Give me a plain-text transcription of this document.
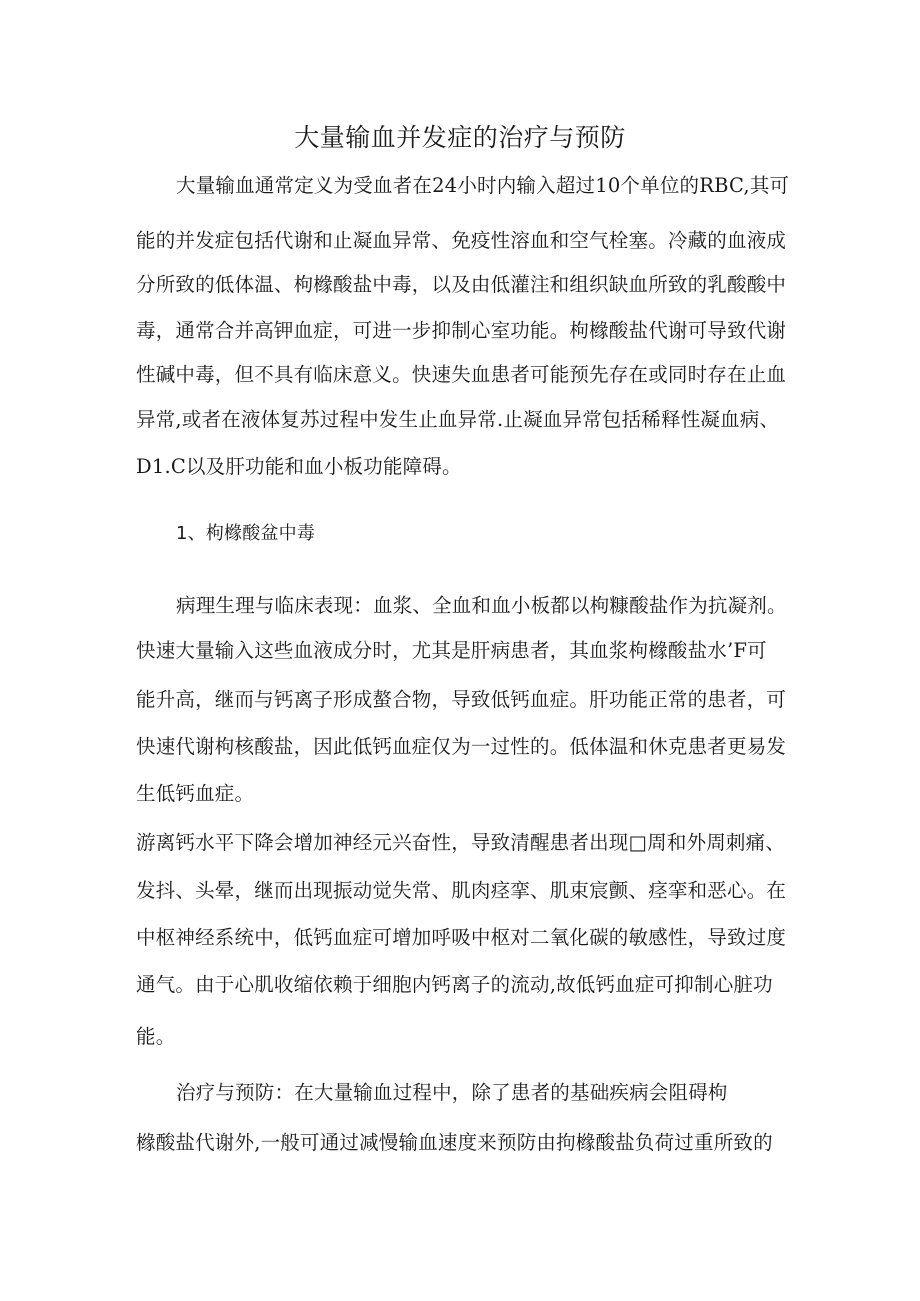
大量输血并发症的治疗与预防
大量输血通常定义为受血者在24小时内输入超过10个单位的RBC,其可
能的并发症包括代谢和止凝血异常、免疫性溶血和空气栓塞。冷藏的血液成
分所致的低体温、枸橼酸盐中毒，以及由低灌注和组织缺血所致的乳酸酸中
毒，通常合并高钾血症，可进一步抑制心室功能。枸橼酸盐代谢可导致代谢
性碱中毒，但不具有临床意义。快速失血患者可能预先存在或同时存在止血
异常,或者在液体复苏过程中发生止血异常.止凝血异常包括稀释性凝血病、
D1.C以及肝功能和血小板功能障碍。
1、枸橼酸盆中毒
病理生理与临床表现：血浆、全血和血小板都以枸糠酸盐作为抗凝剂。
快速大量输入这些血液成分时，尤其是肝病患者，其血浆枸橼酸盐水’F可
能升高，继而与钙离子形成螯合物，导致低钙血症。肝功能正常的患者，可
快速代谢枸核酸盐，因此低钙血症仅为一过性的。低体温和休克患者更易发
生低钙血症。
游离钙水平下降会增加神经元兴奋性，导致清醒患者出现□周和外周刺痛、
发抖、头晕，继而出现振动觉失常、肌肉痉挛、肌束宸颤、痉挛和恶心。在
中枢神经系统中，低钙血症可增加呼吸中枢对二氧化碳的敏感性，导致过度
通气。由于心肌收缩依赖于细胞内钙离子的流动,故低钙血症可抑制心脏功
能。
治疗与预防：在大量输血过程中，除了患者的基础疾病会阻碍枸
橼酸盐代谢外,一般可通过减慢输血速度来预防由拘橼酸盐负荷过重所致的
